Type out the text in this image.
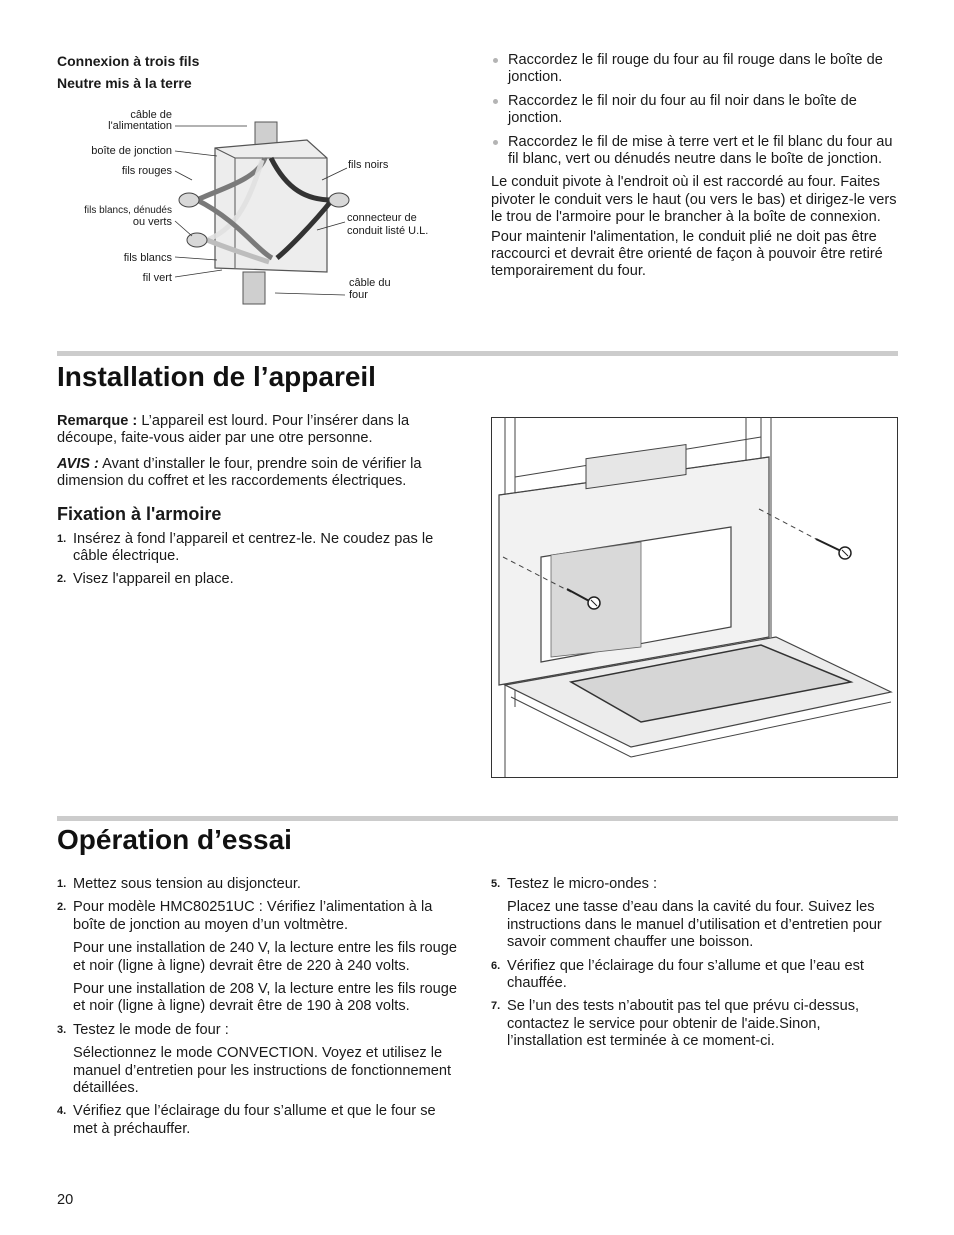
Connexion à trois fils
Neutre mis à la terre
câble de
l'alimentation
boîte de jonction
fils rouges
fils blancs, dénudés
ou verts
fils blancs
fil vert
fils noirs
connecteur de
conduit listé U.L.
câble du
four
Raccordez le fil rouge du four au fil rouge dans le boîte de jonction.
Raccordez le fil noir du four au fil noir dans le boîte de jonction.
Raccordez le fil de mise à terre vert et le fil blanc du four au fil blanc, vert ou dénudés neutre dans le boîte de jonction.

Le conduit pivote à l'endroit où il est raccordé au four. Faites pivoter le conduit vers le haut (ou vers le bas) et dirigez-le vers le trou de l'armoire pour le brancher à la boîte de connexion.

Pour maintenir l'alimentation, le conduit plié ne doit pas être raccourci et devrait être orienté de façon à pouvoir être retiré temporairement du four.

Installation de l’appareil

Remarque : L’appareil est lourd. Pour l’insérer dans la découpe, faite-vous aider par une otre personne.

AVIS : Avant d’installer le four, prendre soin de vérifier la dimension du coffret et les raccordements électriques.

Fixation à l'armoire
1. Insérez à fond l’appareil et centrez-le. Ne coudez pas le câble électrique.
2. Visez l'appareil en place.
Opération d’essai
1. Mettez sous tension au disjoncteur.
2. Pour modèle HMC80251UC : Vérifiez l’alimentation à la boîte de jonction au moyen d’un voltmètre.

Pour une installation de 240 V, la lecture entre les fils rouge et noir (ligne à ligne) devrait être de 220 à 240 volts.

Pour une installation de 208 V, la lecture entre les fils rouge et noir (ligne à ligne) devrait être de 190 à 208 volts.

3. Testez le mode de four :

Sélectionnez le mode CONVECTION. Voyez et utilisez le manuel d’entretien pour les instructions de fonctionnement détaillées.

4. Vérifiez que l’éclairage du four s’allume et que le four se met à préchauffer.
5. Testez le micro-ondes :

Placez une tasse d’eau dans la cavité du four. Suivez les instructions dans le manuel d’utilisation et d’entretien pour savoir comment chauffer une boisson.

6. Vérifiez que l’éclairage du four s’allume et que l’eau est chauffée.
7. Se l’un des tests n’aboutit pas tel que prévu ci-dessus, contactez le service pour obtenir de l'aide.Sinon, l’installation est terminée à ce moment-ci.
20
